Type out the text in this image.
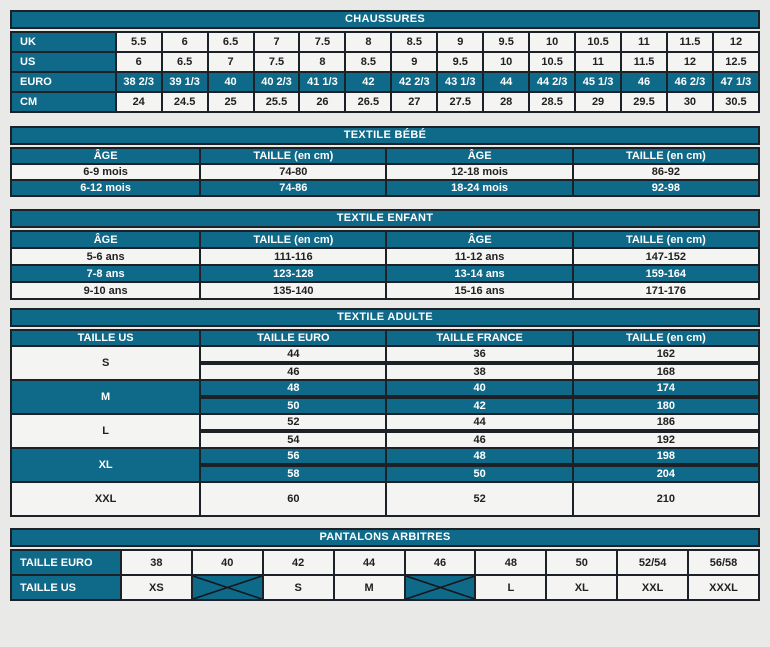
CHAUSSURES
UK	5.5	6	6.5	7	7.5	8	8.5	9	9.5	10	10.5	11	11.5	12
US	6	6.5	7	7.5	8	8.5	9	9.5	10	10.5	11	11.5	12	12.5
EURO	38 2/3	39 1/3	40	40 2/3	41 1/3	42	42 2/3	43 1/3	44	44 2/3	45 1/3	46	46 2/3	47 1/3
CM	24	24.5	25	25.5	26	26.5	27	27.5	28	28.5	29	29.5	30	30.5
TEXTILE BÉBÉ
ÂGE	TAILLE (en cm)	ÂGE	TAILLE (en cm)
6-9 mois	74-80	12-18 mois	86-92
6-12 mois	74-86	18-24 mois	92-98
TEXTILE ENFANT
ÂGE	TAILLE (en cm)	ÂGE	TAILLE (en cm)
5-6 ans	111-116	11-12 ans	147-152
7-8 ans	123-128	13-14 ans	159-164
9-10 ans	135-140	15-16 ans	171-176
TEXTILE ADULTE
TAILLE US	TAILLE EURO	TAILLE FRANCE	TAILLE (en cm)
S	44	36	162

	46	38	168
M	48	40	174

	50	42	180
L	52	44	186

	54	46	192
XL	56	48	198

	58	50	204
XXL	60	52	210
PANTALONS ARBITRES
TAILLE EURO	38	40	42	44	46	48	50	52/54	56/58
TAILLE US	XS		S	M		L	XL	XXL	XXXL
